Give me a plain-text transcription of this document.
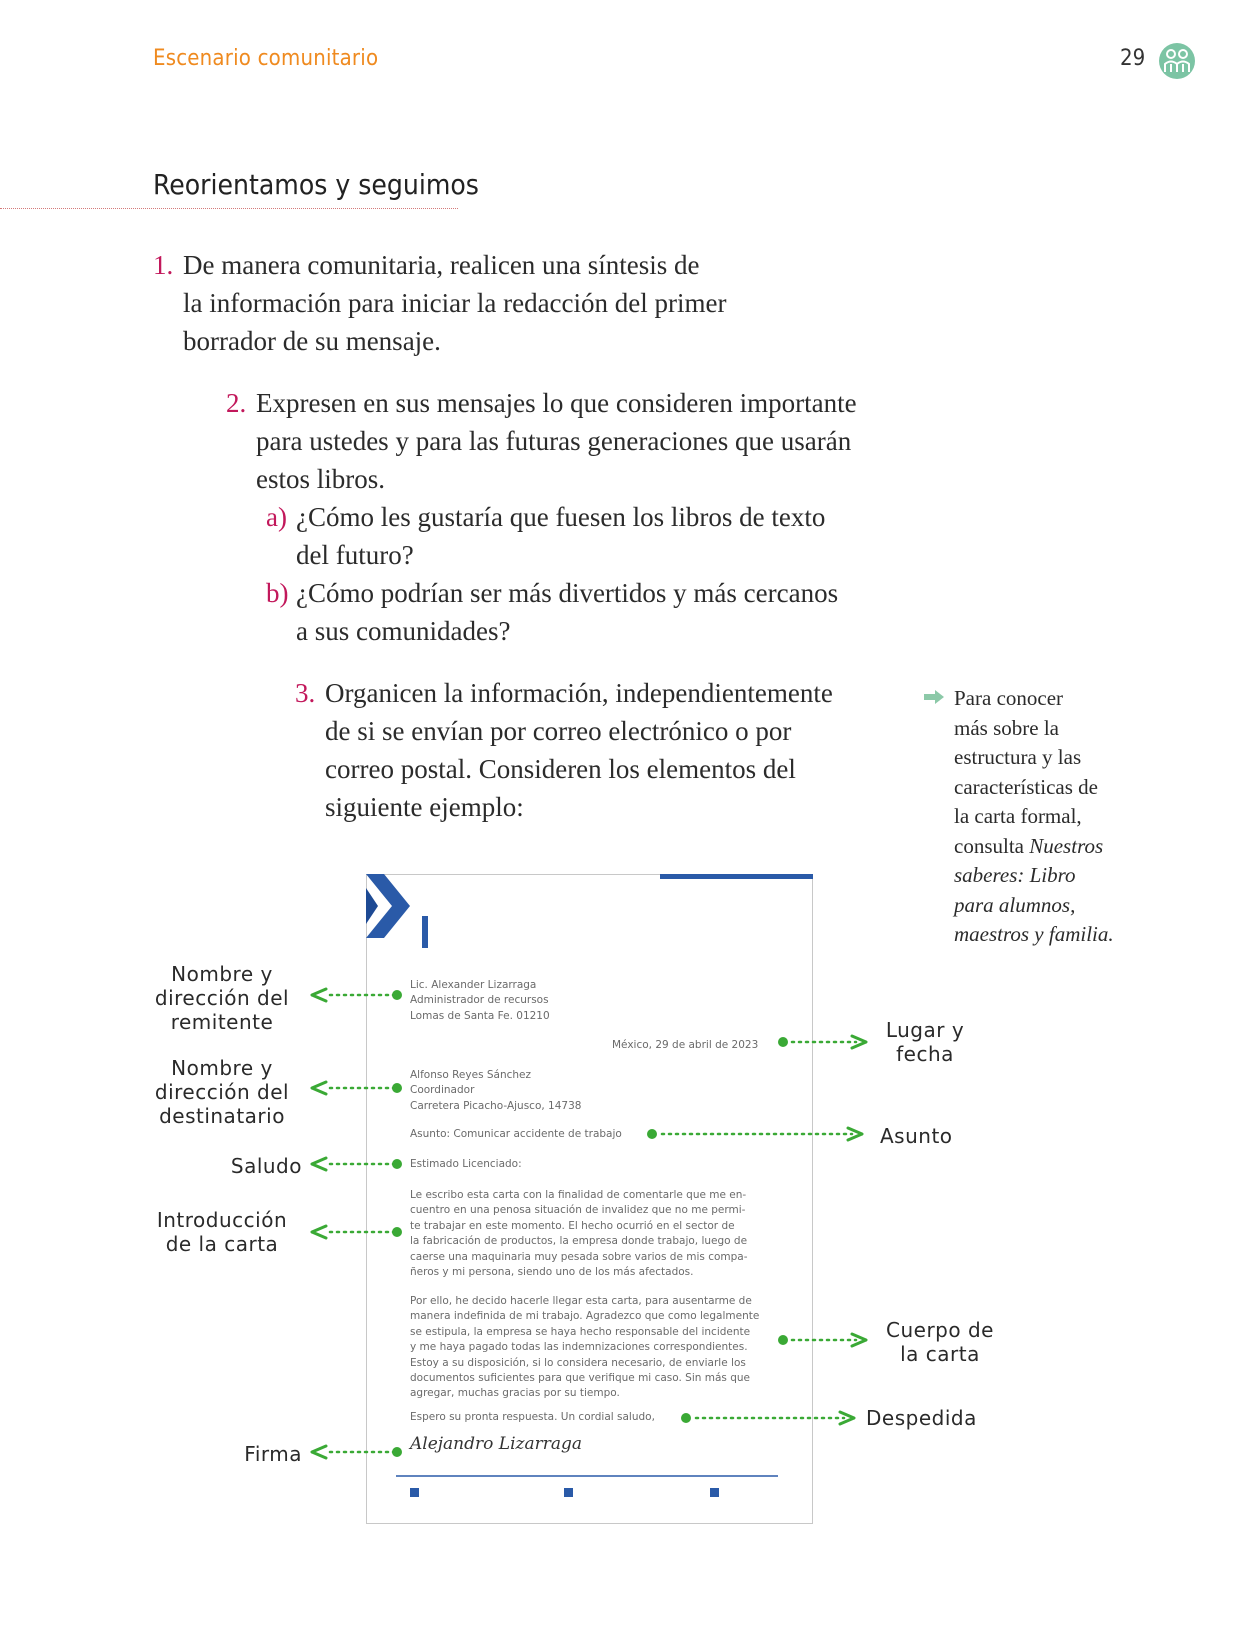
Escenario comunitario	29
Reorientamos y seguimos
1. De manera comunitaria, realicen una síntesis de
la información para iniciar la redacción del primer
borrador de su mensaje.
2. Expresen en sus mensajes lo que consideren importante
para ustedes y para las futuras generaciones que usarán
estos libros.
a) ¿Cómo les gustaría que fuesen los libros de texto
del futuro?
b) ¿Cómo podrían ser más divertidos y más cercanos
a sus comunidades?
3. Organicen la información, independientemente
de si se envían por correo electrónico o por
correo postal. Consideren los elementos del
siguiente ejemplo:
Para conocer
más sobre la
estructura y las
características de
la carta formal,
consulta Nuestros
saberes: Libro
para alumnos,
maestros y familia.
Lic. Alexander Lizarraga
Administrador de recursos
Lomas de Santa Fe. 01210
México, 29 de abril de 2023
Alfonso Reyes Sánchez
Coordinador
Carretera Picacho-Ajusco, 14738
Asunto: Comunicar accidente de trabajo
Estimado Licenciado:
Le escribo esta carta con la finalidad de comentarle que me en-
cuentro en una penosa situación de invalidez que no me permi-
te trabajar en este momento. El hecho ocurrió en el sector de
la fabricación de productos, la empresa donde trabajo, luego de
caerse una maquinaria muy pesada sobre varios de mis compa-
ñeros y mi persona, siendo uno de los más afectados.
Por ello, he decido hacerle llegar esta carta, para ausentarme de
manera indefinida de mi trabajo. Agradezco que como legalmente
se estipula, la empresa se haya hecho responsable del incidente
y me haya pagado todas las indemnizaciones correspondientes.
Estoy a su disposición, si lo considera necesario, de enviarle los
documentos suficientes para que verifique mi caso. Sin más que
agregar, muchas gracias por su tiempo.
Espero su pronta respuesta. Un cordial saludo,
Alejandro Lizarraga
Nombre y
dirección del
remitente
Nombre y
dirección del
destinatario
Saludo
Introducción
de la carta
Firma
Lugar y
fecha
Asunto
Cuerpo de
la carta
Despedida
